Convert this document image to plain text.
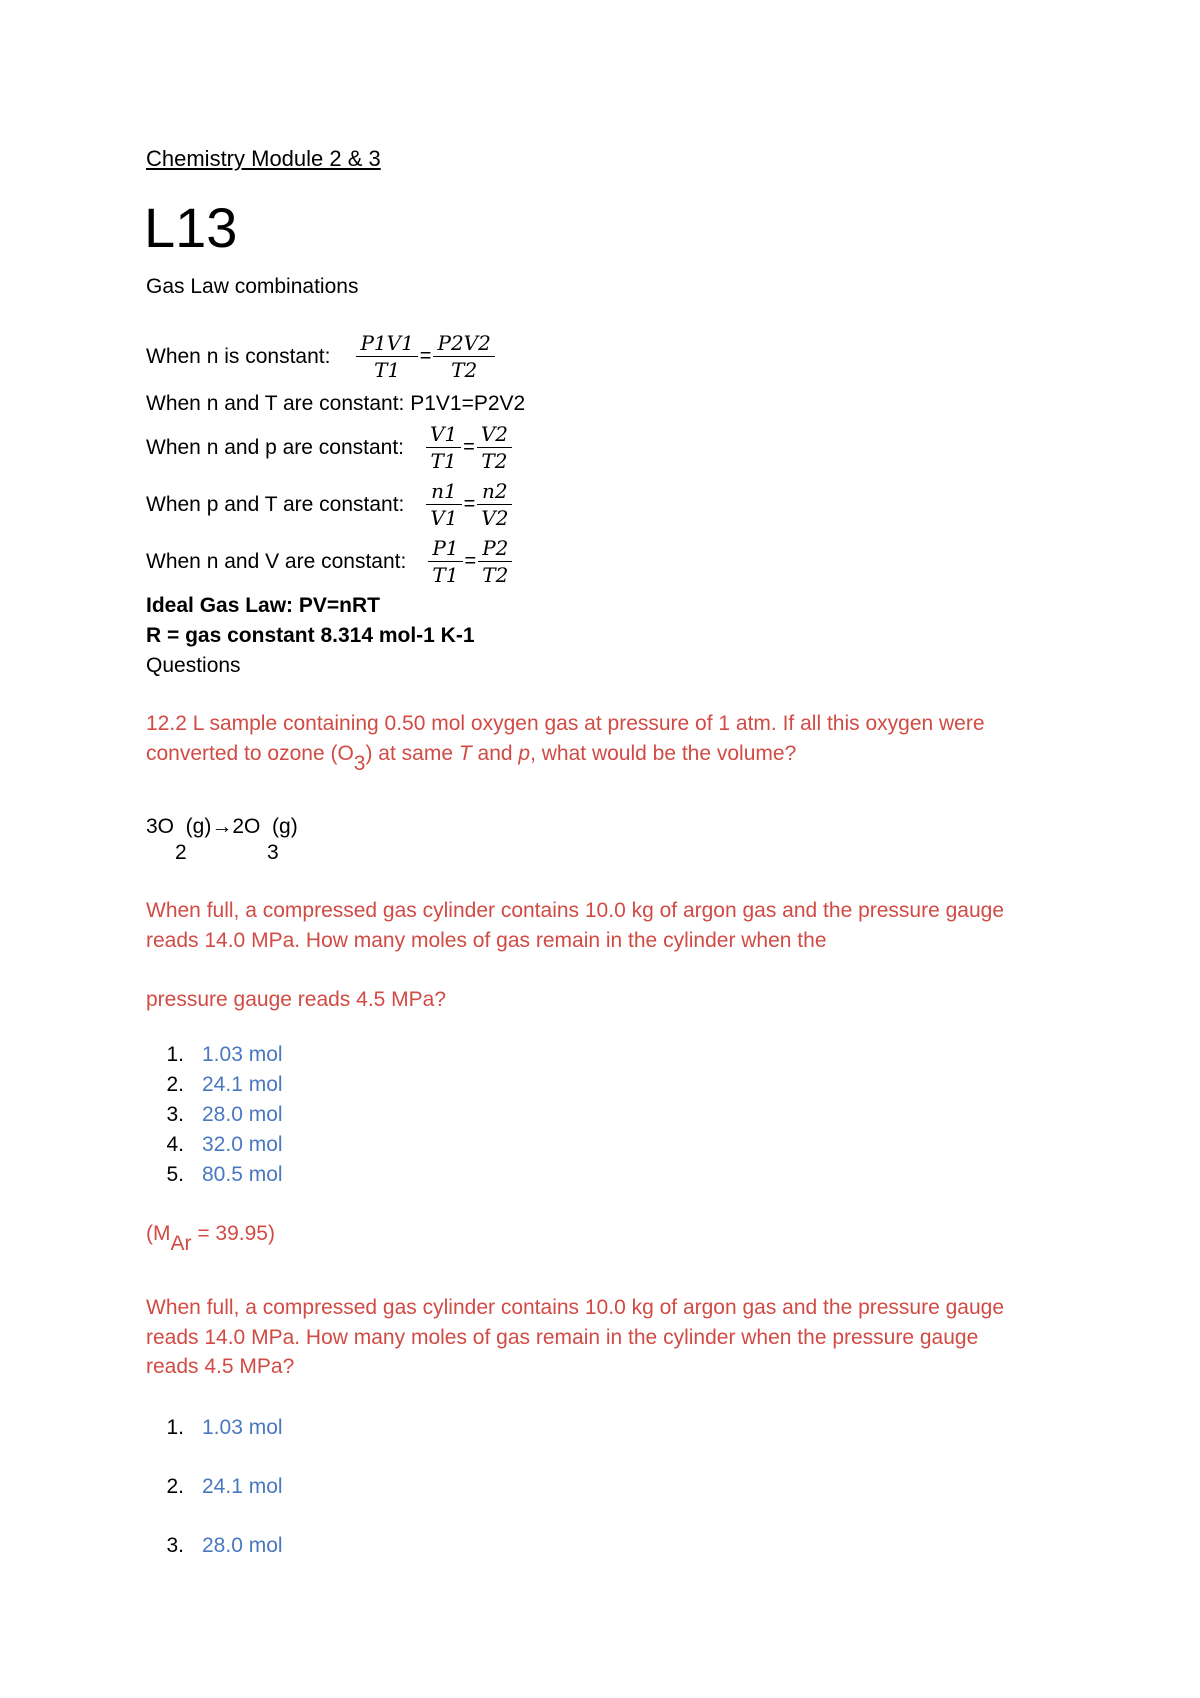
Chemistry Module 2 & 3
L13
Gas Law combinations
When n is constant: $\frac{P1V1}{T1} = \frac{P2V2}{T2}$
When n and T are constant: P1V1=P2V2
When n and p are constant: $\frac{V1}{T1} = \frac{V2}{T2}$
When p and T are constant: $\frac{n1}{V1} = \frac{n2}{V2}$
When n and V are constant: $\frac{P1}{T1} = \frac{P2}{T2}$
Ideal Gas Law: PV=nRT
R = gas constant 8.314 mol-1 K-1
Questions
12.2 L sample containing 0.50 mol oxygen gas at pressure of 1 atm. If all this oxygen were
converted to ozone (O3) at same T and p, what would be the volume?
3O  (g)→2O  (g)
2	3
When full, a compressed gas cylinder contains 10.0 kg of argon gas and the pressure gauge
reads 14.0 MPa. How many moles of gas remain in the cylinder when the
pressure gauge reads 4.5 MPa?
1. 1.03 mol
2. 24.1 mol
3. 28.0 mol
4. 32.0 mol
5. 80.5 mol
(MAr = 39.95)
When full, a compressed gas cylinder contains 10.0 kg of argon gas and the pressure gauge
reads 14.0 MPa. How many moles of gas remain in the cylinder when the pressure gauge
reads 4.5 MPa?
1. 1.03 mol
2. 24.1 mol
3. 28.0 mol
